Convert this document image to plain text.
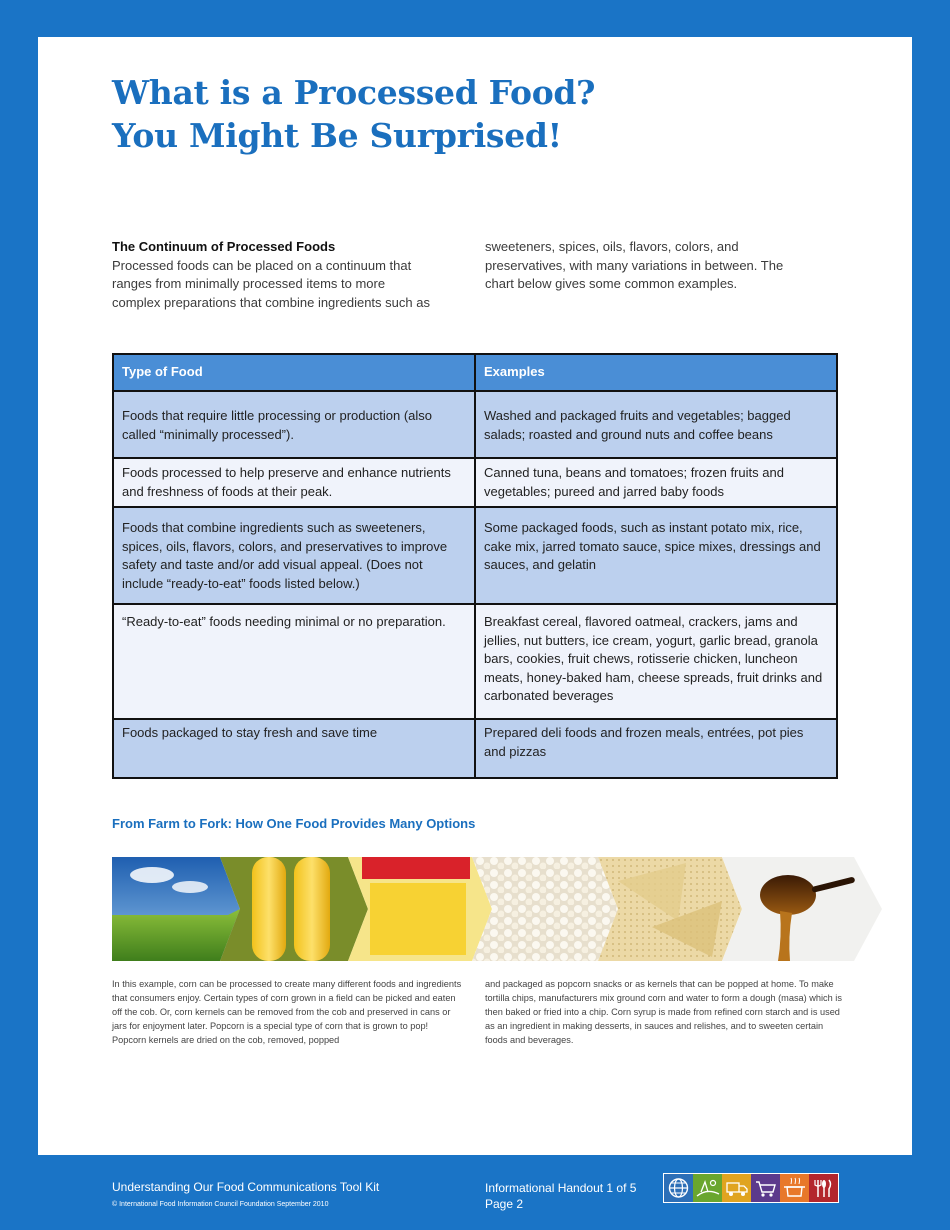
What is a Processed Food?
You Might Be Surprised!
The Continuum of Processed Foods
Processed foods can be placed on a continuum that ranges from minimally processed items to more complex preparations that combine ingredients such as
sweeteners, spices, oils, flavors, colors, and preservatives, with many variations in between. The chart below gives some common examples.
Type of Food	Examples
Foods that require little processing or production (also called “minimally processed”).	Washed and packaged fruits and vegetables; bagged salads; roasted and ground nuts and coffee beans
Foods processed to help preserve and enhance nutrients and freshness of foods at their peak.	Canned tuna, beans and tomatoes; frozen fruits and vegetables; pureed and jarred baby foods
Foods that combine ingredients such as sweeteners, spices, oils, flavors, colors, and preservatives to improve safety and taste and/or add visual appeal. (Does not include “ready-to-eat” foods listed below.)	Some packaged foods, such as instant potato mix, rice, cake mix, jarred tomato sauce, spice mixes, dressings and sauces, and gelatin
“Ready-to-eat” foods needing minimal or no preparation.	Breakfast cereal, flavored oatmeal, crackers, jams and jellies, nut butters, ice cream, yogurt, garlic bread, granola bars, cookies, fruit chews, rotisserie chicken, luncheon meats, honey-baked ham, cheese spreads, fruit drinks and carbonated beverages
Foods packaged to stay fresh and save time	Prepared deli foods and frozen meals, entrées, pot pies and pizzas
From Farm to Fork: How One Food Provides Many Options
In this example, corn can be processed to create many different foods and ingredients that consumers enjoy. Certain types of corn grown in a field can be picked and eaten off the cob. Or, corn kernels can be removed from the cob and preserved in cans or jars for enjoyment later. Popcorn is a special type of corn that is grown to pop! Popcorn kernels are dried on the cob, removed, popped
and packaged as popcorn snacks or as kernels that can be popped at home. To make tortilla chips, manufacturers mix ground corn and water to form a dough (masa) which is then baked or fried into a chip. Corn syrup is made from refined corn starch and is used as an ingredient in making desserts, in sauces and relishes, and to sweeten certain foods and beverages.
Understanding Our Food Communications Tool Kit
© International Food Information Council Foundation September 2010
Informational Handout 1 of 5
Page 2
